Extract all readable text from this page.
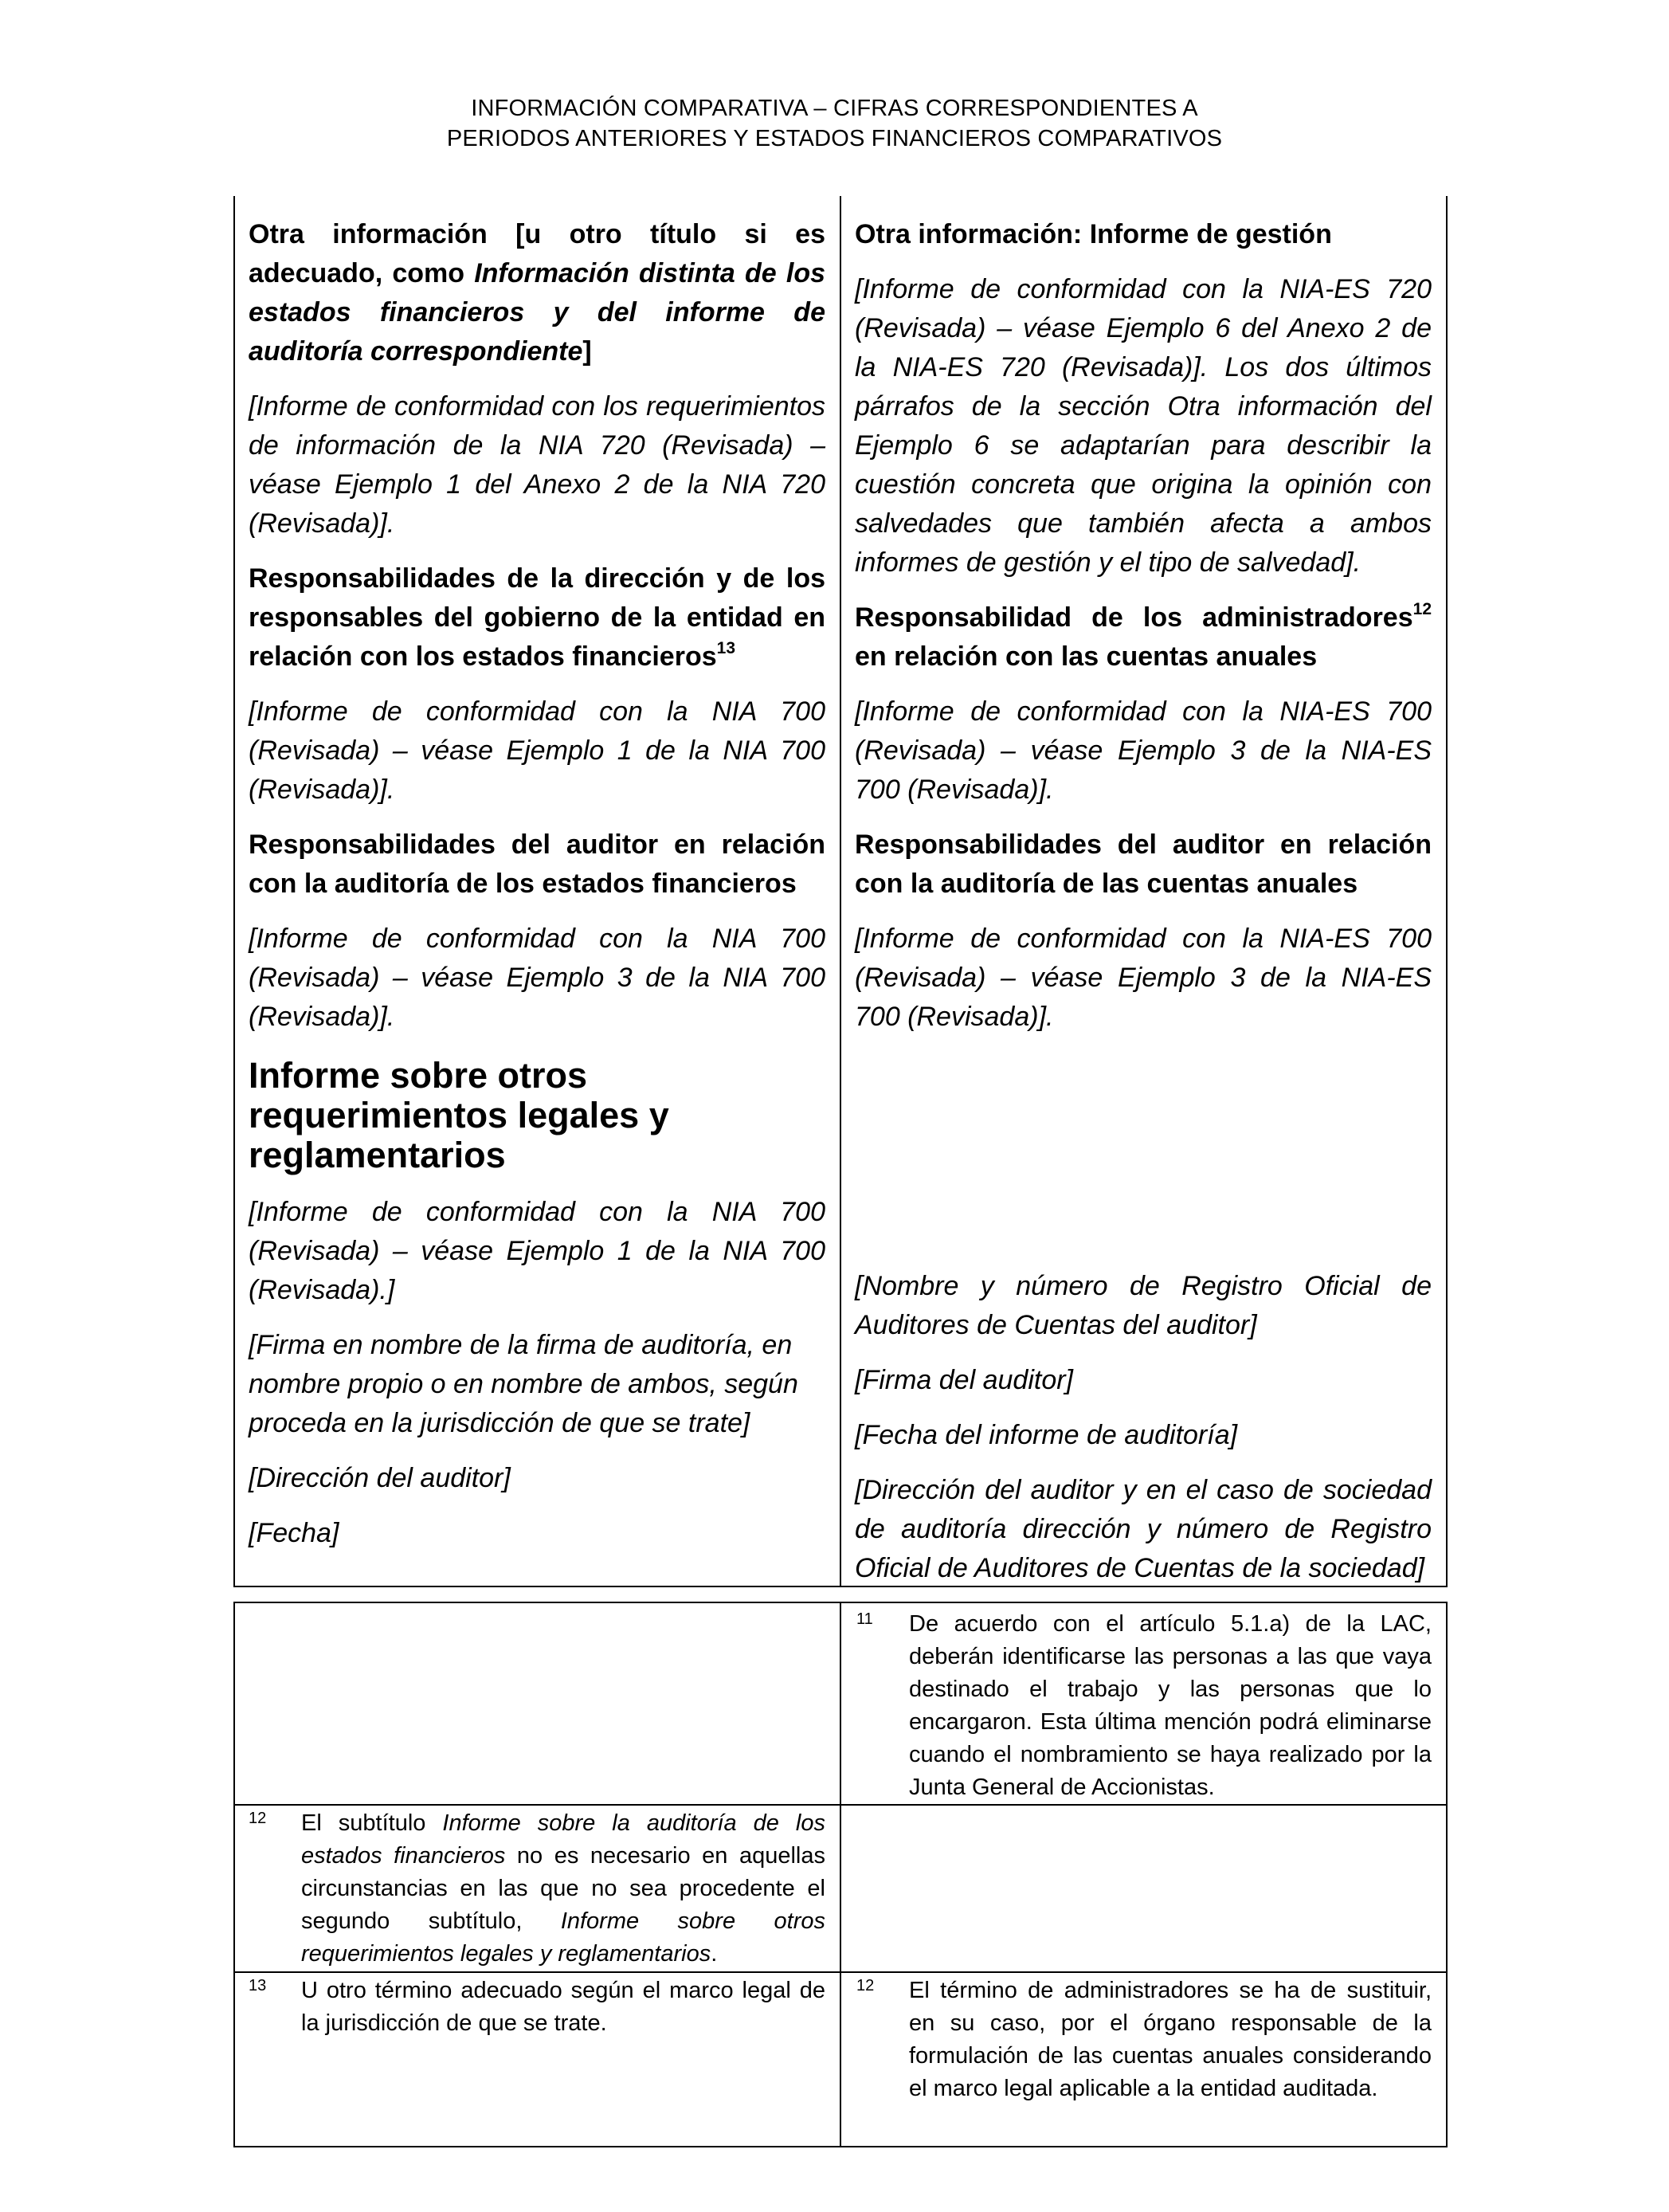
INFORMACIÓN COMPARATIVA – CIFRAS CORRESPONDIENTES A
PERIODOS ANTERIORES Y ESTADOS FINANCIEROS COMPARATIVOS

Otra información [u otro título si es adecuado, como Información distinta de los estados financieros y del informe de auditoría correspondiente]

[Informe de conformidad con los requerimientos de información de la NIA 720 (Revisada) – véase Ejemplo 1 del Anexo 2 de la NIA 720 (Revisada)].

Responsabilidades de la dirección y de los responsables del gobierno de la entidad en relación con los estados financieros$^{13}$

[Informe de conformidad con la NIA 700 (Revisada) – véase Ejemplo 1 de la NIA 700 (Revisada)].

Responsabilidades del auditor en relación con la auditoría de los estados financieros

[Informe de conformidad con la NIA 700 (Revisada) – véase Ejemplo 3 de la NIA 700 (Revisada)].

Informe sobre otros requerimientos legales y reglamentarios

[Informe de conformidad con la NIA 700 (Revisada) – véase Ejemplo 1 de la NIA 700 (Revisada).]

[Firma en nombre de la firma de auditoría, en nombre propio o en nombre de ambos, según proceda en la jurisdicción de que se trate]

[Dirección del auditor]

[Fecha]

Otra información: Informe de gestión

[Informe de conformidad con la NIA-ES 720 (Revisada) – véase Ejemplo 6 del Anexo 2 de la NIA-ES 720 (Revisada)]. Los dos últimos párrafos de la sección Otra información del Ejemplo 6 se adaptarían para describir la cuestión concreta que origina la opinión con salvedades que también afecta a ambos informes de gestión y el tipo de salvedad].

Responsabilidad de los administradores$^{12}$ en relación con las cuentas anuales

[Informe de conformidad con la NIA-ES 700 (Revisada) – véase Ejemplo 3 de la NIA-ES 700 (Revisada)].

Responsabilidades del auditor en relación con la auditoría de las cuentas anuales

[Informe de conformidad con la NIA-ES 700 (Revisada) – véase Ejemplo 3 de la NIA-ES 700 (Revisada)].

[Nombre y número de Registro Oficial de Auditores de Cuentas del auditor]

[Firma del auditor]

[Fecha del informe de auditoría]

[Dirección del auditor y en el caso de sociedad de auditoría dirección y número de Registro Oficial de Auditores de Cuentas de la sociedad]

11 De acuerdo con el artículo 5.1.a) de la LAC, deberán identificarse las personas a las que vaya destinado el trabajo y las personas que lo encargaron. Esta última mención podrá eliminarse cuando el nombramiento se haya realizado por la Junta General de Accionistas.
12 El subtítulo Informe sobre la auditoría de los estados financieros no es necesario en aquellas circunstancias en las que no sea procedente el segundo subtítulo, Informe sobre otros requerimientos legales y reglamentarios.
13 U otro término adecuado según el marco legal de la jurisdicción de que se trate.
12 El término de administradores se ha de sustituir, en su caso, por el órgano responsable de la formulación de las cuentas anuales considerando el marco legal aplicable a la entidad auditada.
